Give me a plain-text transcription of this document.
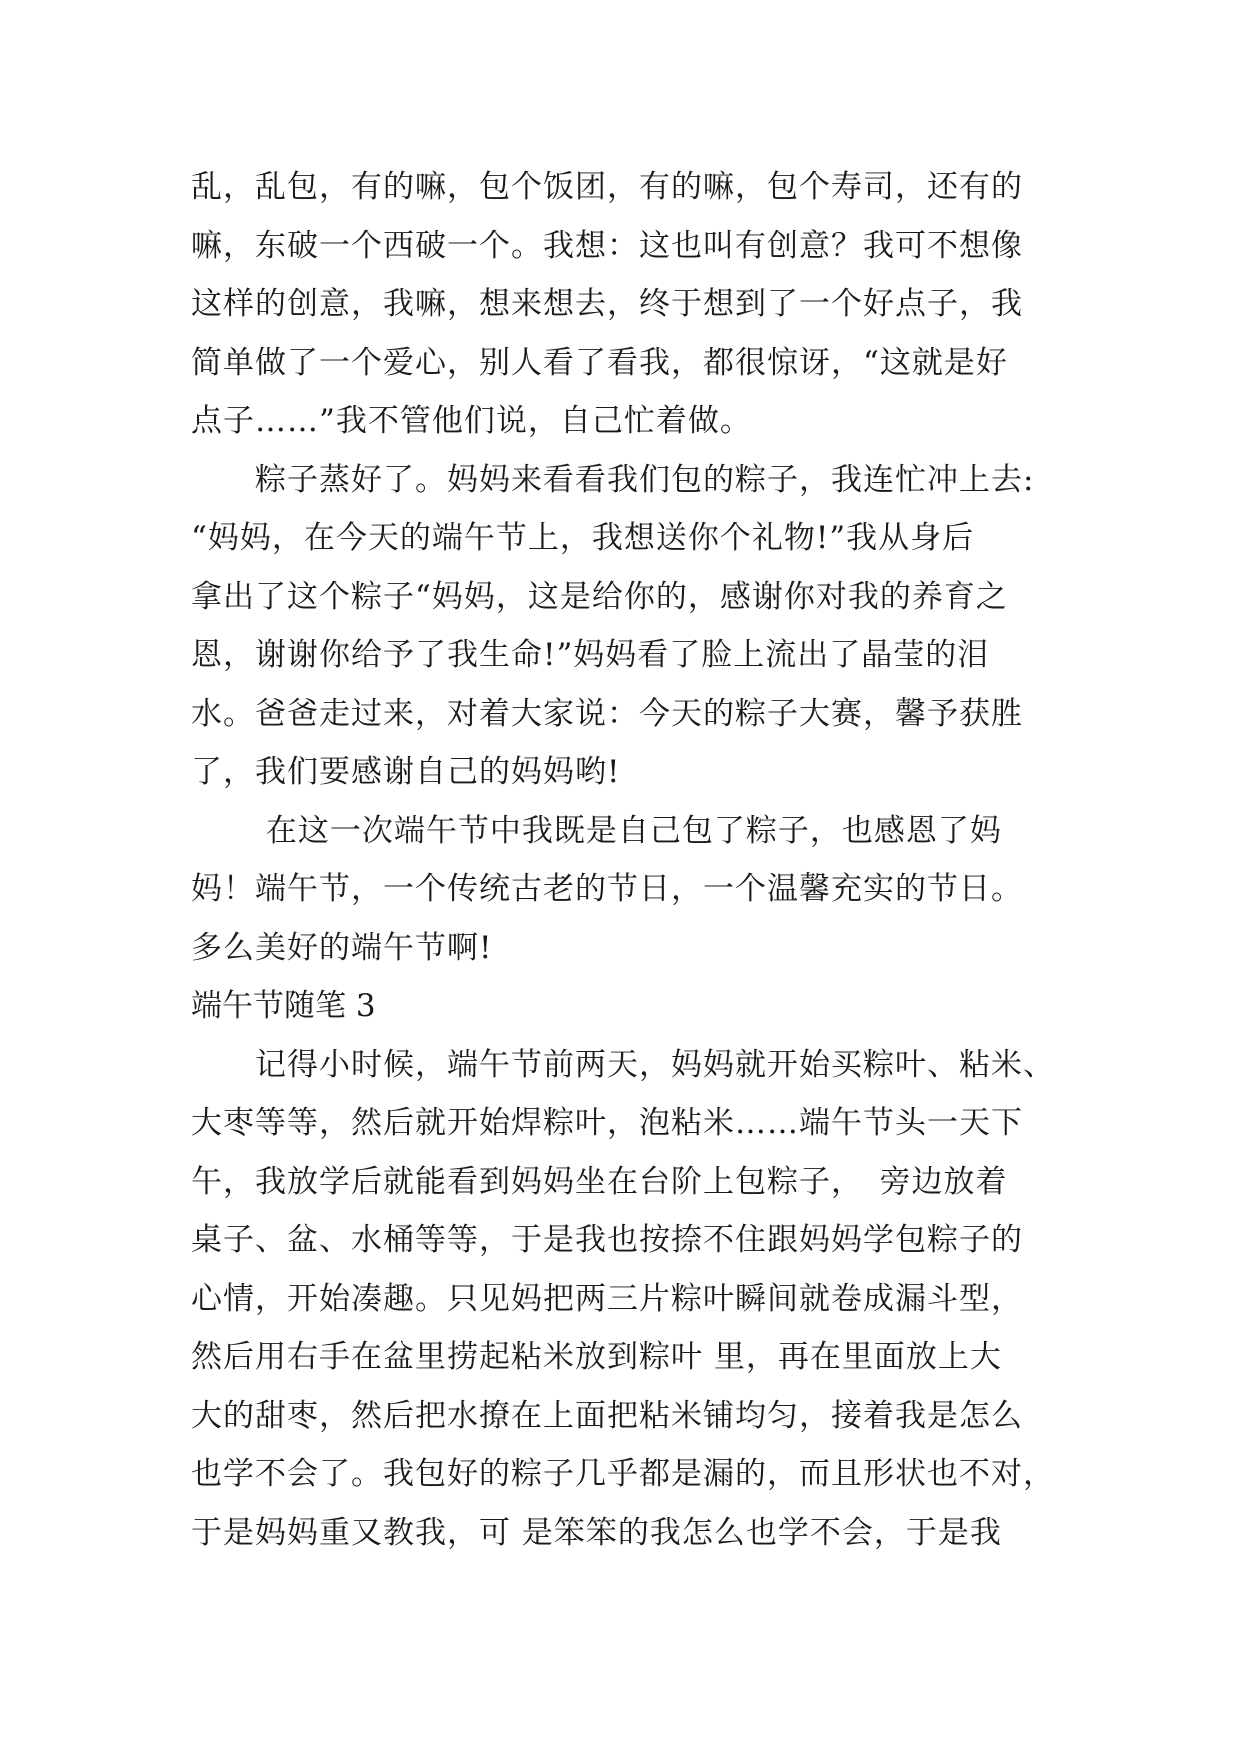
乱，乱包，有的嘛，包个饭团，有的嘛，包个寿司，还有的
嘛，东破一个西破一个。我想：这也叫有创意？我可不想像
这样的创意，我嘛，想来想去，终于想到了一个好点子，我
简单做了一个爱心，别人看了看我，都很惊讶，“这就是好
点子……”我不管他们说，自己忙着做。
　　粽子蒸好了。妈妈来看看我们包的粽子，我连忙冲上去:
“妈妈，在今天的端午节上，我想送你个礼物!”我从身后
拿出了这个粽子“妈妈，这是给你的，感谢你对我的养育之
恩，谢谢你给予了我生命!”妈妈看了脸上流出了晶莹的泪
水。爸爸走过来，对着大家说：今天的粽子大赛，馨予获胜
了，我们要感谢自己的妈妈哟!
　　 在这一次端午节中我既是自己包了粽子，也感恩了妈
妈！端午节，一个传统古老的节日，一个温馨充实的节日。
多么美好的端午节啊!
端午节随笔 3
　　记得小时候，端午节前两天，妈妈就开始买粽叶、粘米、
大枣等等，然后就开始焊粽叶，泡粘米……端午节头一天下
午，我放学后就能看到妈妈坐在台阶上包粽子，　旁边放着
桌子、盆、水桶等等，于是我也按捺不住跟妈妈学包粽子的
心情，开始凑趣。只见妈把两三片粽叶瞬间就卷成漏斗型，
然后用右手在盆里捞起粘米放到粽叶 里，再在里面放上大
大的甜枣，然后把水撩在上面把粘米铺均匀，接着我是怎么
也学不会了。我包好的粽子几乎都是漏的，而且形状也不对，
于是妈妈重又教我，可 是笨笨的我怎么也学不会，于是我
